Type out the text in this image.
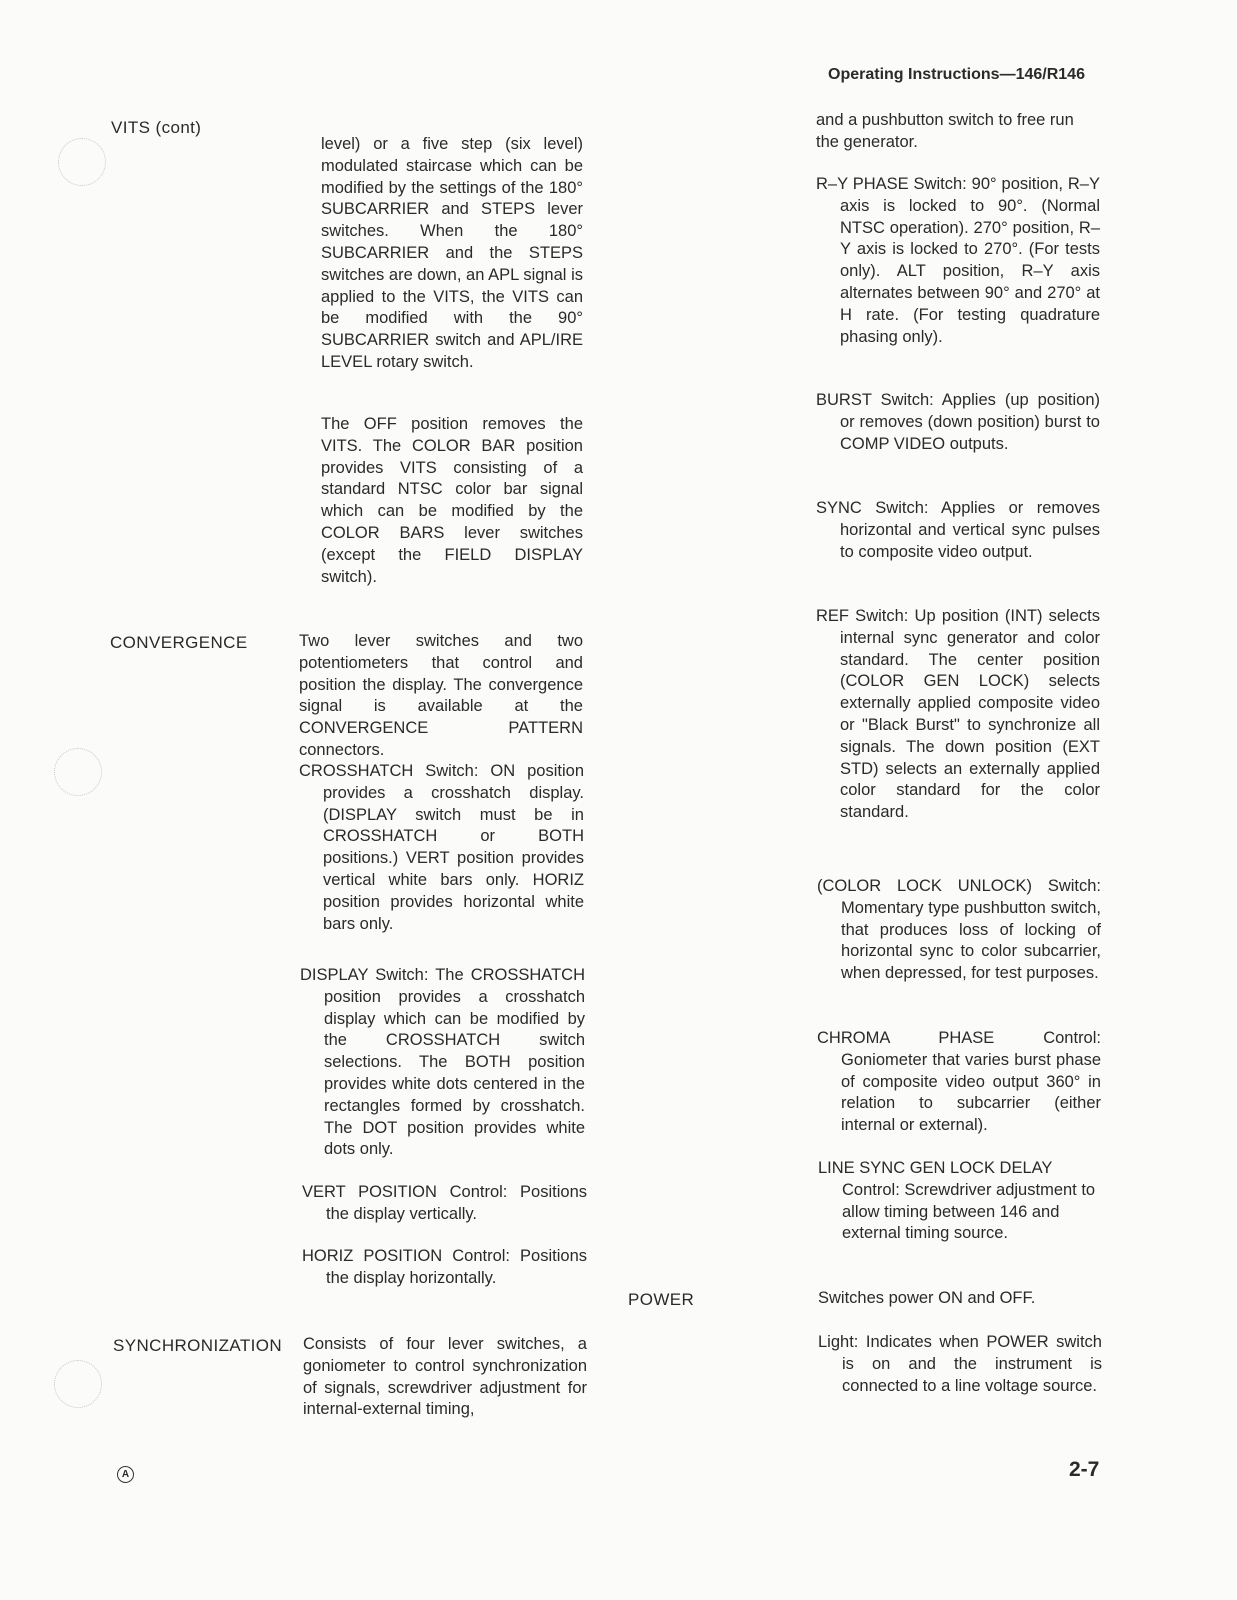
Operating Instructions—146/R146
VITS (cont)
level) or a five step (six level) modulated staircase which can be modified by the settings of the 180° SUBCARRIER and STEPS lever switches. When the 180° SUBCARRIER and the STEPS switches are down, an APL signal is applied to the VITS, the VITS can be modified with the 90° SUBCARRIER switch and APL/IRE LEVEL rotary switch.
The OFF position removes the VITS. The COLOR BAR position provides VITS consisting of a standard NTSC color bar signal which can be modified by the COLOR BARS lever switches (except the FIELD DISPLAY switch).
CONVERGENCE	Two lever switches and two potentiometers that control and position the display. The convergence signal is available at the CONVERGENCE PATTERN connectors.
CROSSHATCH Switch: ON position provides a crosshatch display. (DISPLAY switch must be in CROSSHATCH or BOTH positions.) VERT position provides vertical white bars only. HORIZ position provides horizontal white bars only.
DISPLAY Switch: The CROSSHATCH position provides a crosshatch display which can be modified by the CROSSHATCH switch selections. The BOTH position provides white dots centered in the rectangles formed by crosshatch. The DOT position provides white dots only.
VERT POSITION Control: Positions the display vertically.
HORIZ POSITION Control: Positions the display horizontally.
SYNCHRONIZATION Consists of four lever switches, a goniometer to control synchronization of signals, screwdriver adjustment for internal-external timing,
and a pushbutton switch to free run the generator.
R–Y PHASE Switch: 90° position, R–Y axis is locked to 90°. (Normal NTSC operation). 270° position, R–Y axis is locked to 270°. (For tests only). ALT position, R–Y axis alternates between 90° and 270° at H rate. (For testing quadrature phasing only).
BURST Switch: Applies (up position) or removes (down position) burst to COMP VIDEO outputs.
SYNC Switch: Applies or removes horizontal and vertical sync pulses to composite video output.
REF Switch: Up position (INT) selects internal sync generator and color standard. The center position (COLOR GEN LOCK) selects externally applied composite video or "Black Burst" to synchronize all signals. The down position (EXT STD) selects an externally applied color standard for the color standard.
(COLOR LOCK UNLOCK) Switch: Momentary type pushbutton switch, that produces loss of locking of horizontal sync to color subcarrier, when depressed, for test purposes.
CHROMA PHASE Control: Goniometer that varies burst phase of composite video output 360° in relation to subcarrier (either internal or external).
LINE SYNC GEN LOCK DELAY Control: Screwdriver adjustment to allow timing between 146 and external timing source.
POWER	Switches power ON and OFF.
Light: Indicates when POWER switch is on and the instrument is connected to a line voltage source.
A	2-7
